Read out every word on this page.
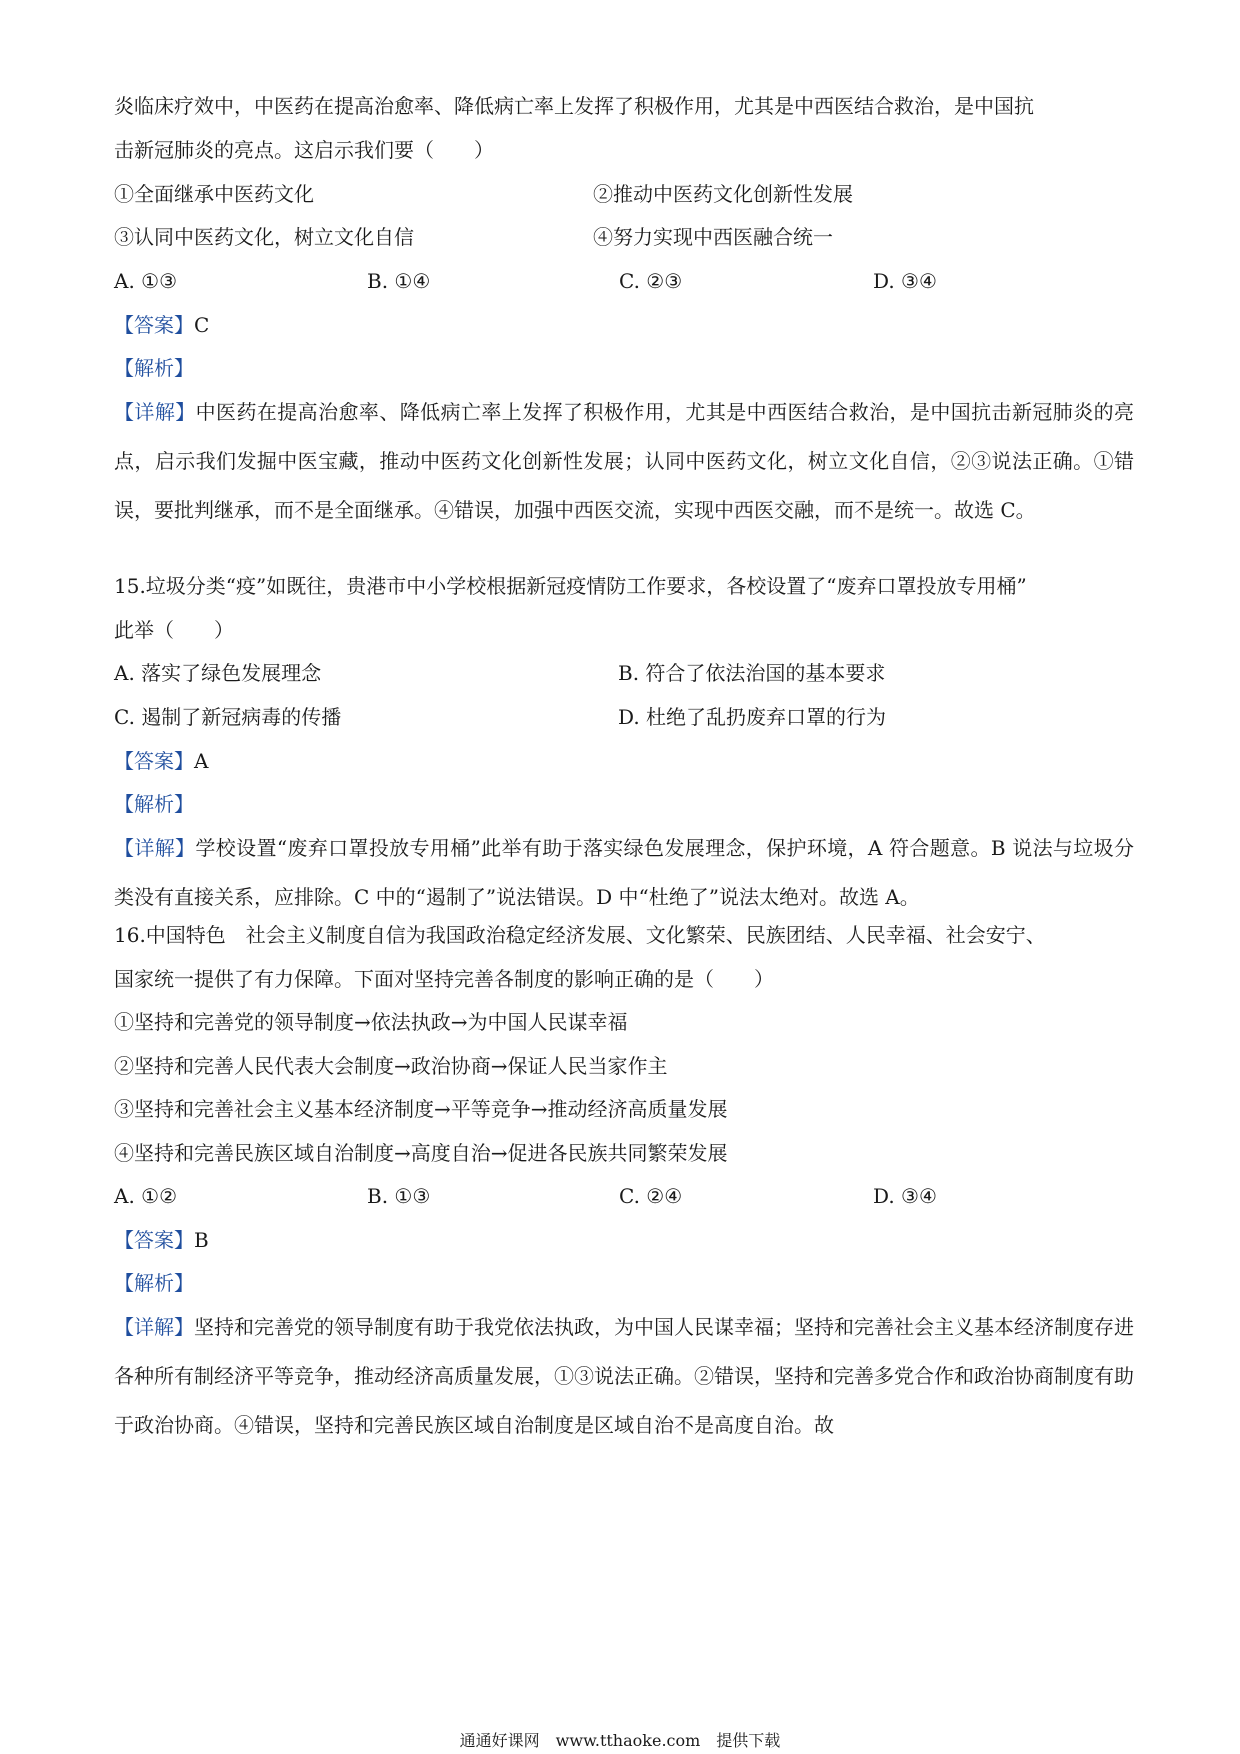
炎临床疗效中，中医药在提高治愈率、降低病亡率上发挥了积极作用，尤其是中西医结合救治，是中国抗
击新冠肺炎的亮点。这启示我们要（　　）
①全面继承中医药文化	②推动中医药文化创新性发展
③认同中医药文化，树立文化自信	④努力实现中西医融合统一
A. ①③	B. ①④	C. ②③	D. ③④
【答案】C
【解析】
【详解】中医药在提高治愈率、降低病亡率上发挥了积极作用，尤其是中西医结合救治，是中国抗击新冠肺炎的亮点，启示我们发掘中医宝藏，推动中医药文化创新性发展；认同中医药文化，树立文化自信，②③说法正确。①错误，要批判继承，而不是全面继承。④错误，加强中西医交流，实现中西医交融，而不是统一。故选 C。
15.垃圾分类“疫”如既往，贵港市中小学校根据新冠疫情防工作要求，各校设置了“废弃口罩投放专用桶”
此举（　　）
A. 落实了绿色发展理念	B. 符合了依法治国的基本要求
C. 遏制了新冠病毒的传播	D. 杜绝了乱扔废弃口罩的行为
【答案】A
【解析】
【详解】学校设置“废弃口罩投放专用桶”此举有助于落实绿色发展理念，保护环境，A 符合题意。B 说法与垃圾分类没有直接关系，应排除。C 中的“遏制了”说法错误。D 中“杜绝了”说法太绝对。故选 A。
16.中国特色　社会主义制度自信为我国政治稳定经济发展、文化繁荣、民族团结、人民幸福、社会安宁、
国家统一提供了有力保障。下面对坚持完善各制度的影响正确的是（　　）
①坚持和完善党的领导制度→依法执政→为中国人民谋幸福
②坚持和完善人民代表大会制度→政治协商→保证人民当家作主
③坚持和完善社会主义基本经济制度→平等竞争→推动经济高质量发展
④坚持和完善民族区域自治制度→高度自治→促进各民族共同繁荣发展
A. ①②	B. ①③	C. ②④	D. ③④
【答案】B
【解析】
【详解】坚持和完善党的领导制度有助于我党依法执政，为中国人民谋幸福；坚持和完善社会主义基本经济制度存进各种所有制经济平等竞争，推动经济高质量发展，①③说法正确。②错误，坚持和完善多党合作和政治协商制度有助于政治协商。④错误，坚持和完善民族区域自治制度是区域自治不是高度自治。故
通通好课网　www.tthaoke.com　提供下载
